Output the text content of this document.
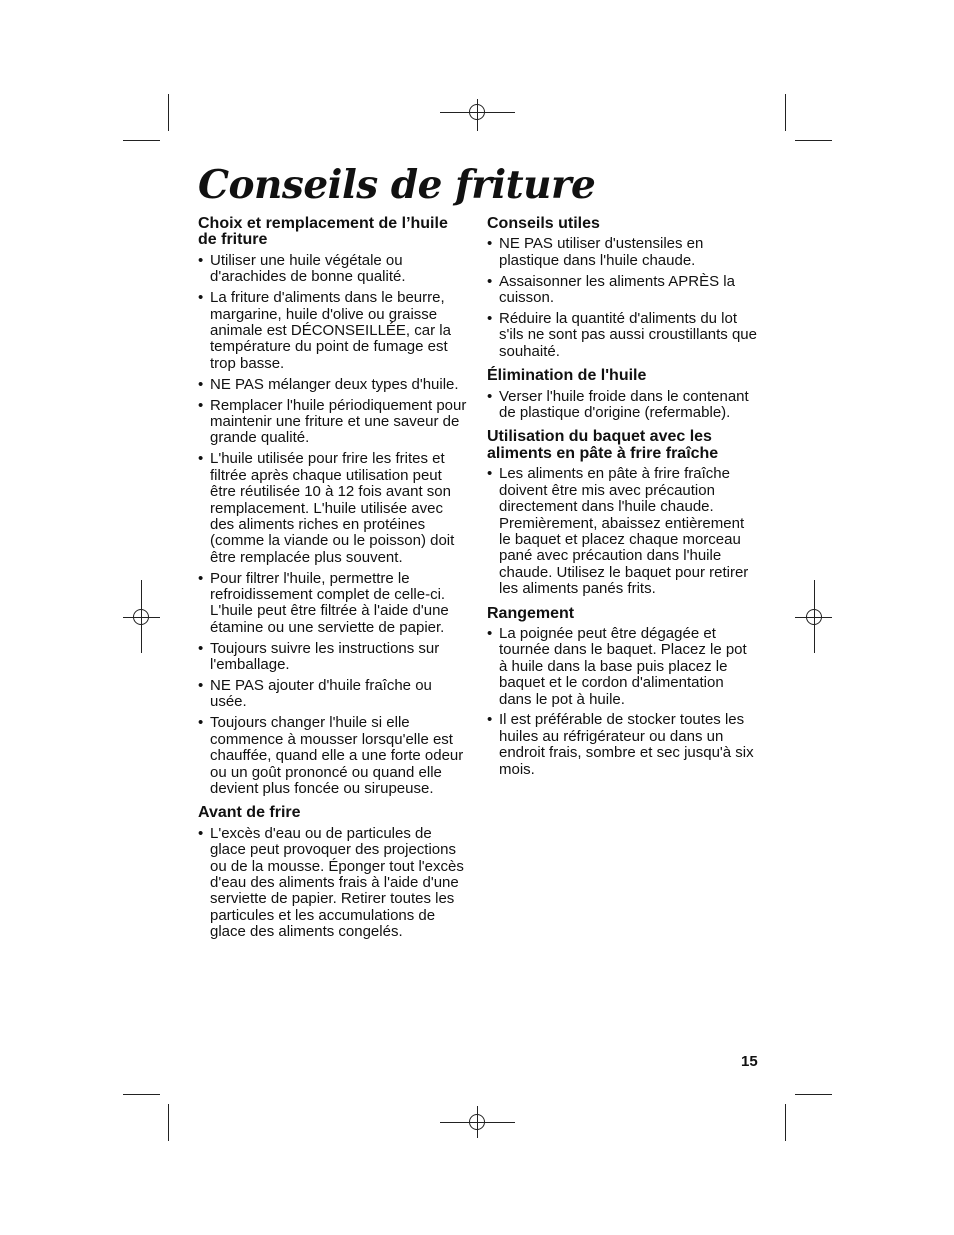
Conseils de friture
Choix et remplacement de l’huile de friture
• Utiliser une huile végétale ou d'arachides de bonne qualité.
• La friture d'aliments dans le beurre, margarine, huile d'olive ou graisse animale est DÉCONSEILLÉE, car la température du point de fumage est trop basse.
• NE PAS mélanger deux types d'huile.
• Remplacer l'huile périodiquement pour maintenir une friture et une saveur de grande qualité.
• L'huile utilisée pour frire les frites et filtrée après chaque utilisation peut être réutilisée 10 à 12 fois avant son remplacement. L'huile utilisée avec des aliments riches en protéines (comme la viande ou le poisson) doit être remplacée plus souvent.
• Pour filtrer l'huile, permettre le refroidissement complet de celle-ci. L'huile peut être filtrée à l'aide d'une étamine ou une serviette de papier.
• Toujours suivre les instructions sur l'emballage.
• NE PAS ajouter d'huile fraîche ou usée.
• Toujours changer l'huile si elle commence à mousser lorsqu'elle est chauffée, quand elle a une forte odeur ou un goût prononcé ou quand elle devient plus foncée ou sirupeuse.
Avant de frire
• L'excès d'eau ou de particules de glace peut provoquer des projections ou de la mousse. Éponger tout l'excès d'eau des aliments frais à l'aide d'une serviette de papier. Retirer toutes les particules et les accumulations de glace des aliments congelés.
Conseils utiles
• NE PAS utiliser d'ustensiles en plastique dans l'huile chaude.
• Assaisonner les aliments APRÈS la cuisson.
• Réduire la quantité d'aliments du lot s'ils ne sont pas aussi croustillants que souhaité.
Élimination de l'huile
• Verser l'huile froide dans le contenant de plastique d'origine (refermable).
Utilisation du baquet avec les aliments en pâte à frire fraîche
• Les aliments en pâte à frire fraîche doivent être mis avec précaution directement dans l'huile chaude. Premièrement, abaissez entièrement le baquet et placez chaque morceau pané avec précaution dans l'huile chaude. Utilisez le baquet pour retirer les aliments panés frits.
Rangement
• La poignée peut être dégagée et tournée dans le baquet. Placez le pot à huile dans la base puis placez le baquet et le cordon d'alimentation dans le pot à huile.
• Il est préférable de stocker toutes les huiles au réfrigérateur ou dans un endroit frais, sombre et sec jusqu'à six mois.
15
